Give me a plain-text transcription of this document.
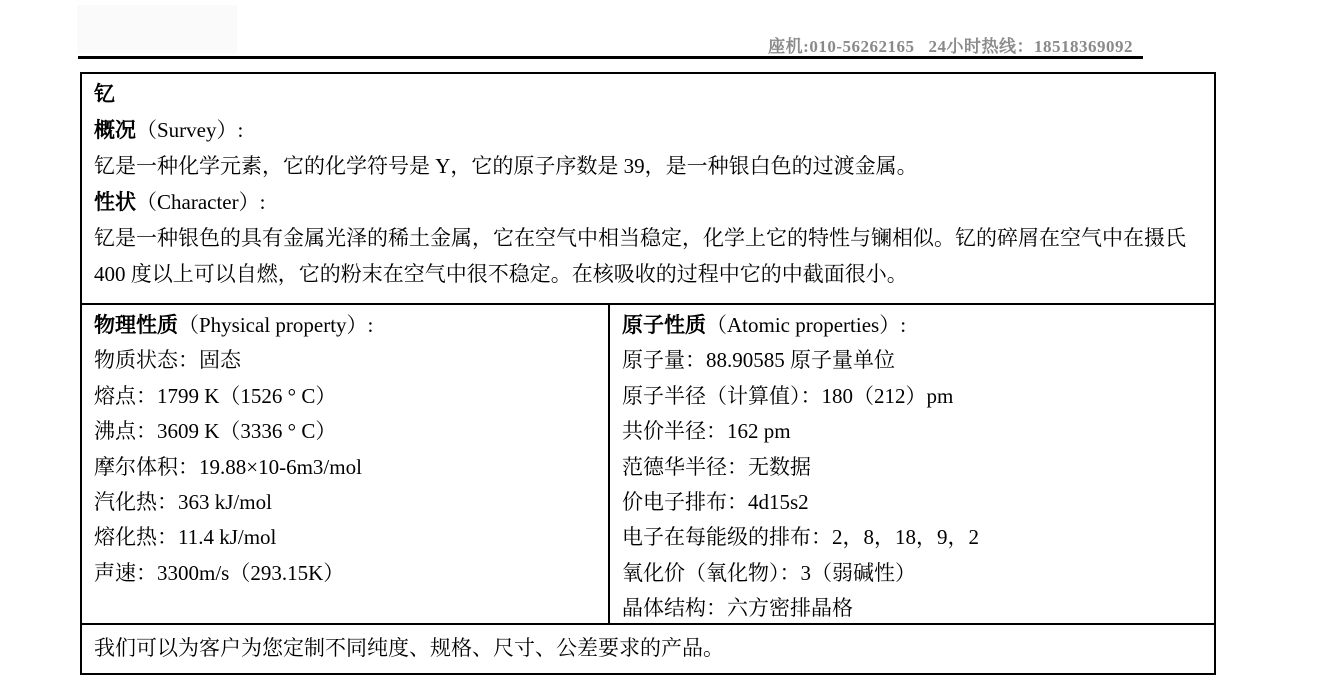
座机:010-56262165 24小时热线：18518369092
钇
概况（Survey）:
钇是一种化学元素，它的化学符号是 Y，它的原子序数是 39，是一种银白色的过渡金属。
性状（Character）:
钇是一种银色的具有金属光泽的稀土金属，它在空气中相当稳定，化学上它的特性与镧相似。钇的碎屑在空气中在摄氏 400 度以上可以自燃，它的粉末在空气中很不稳定。在核吸收的过程中它的中截面很小。
物理性质（Physical property）:
物质状态：固态
熔点：1799 K（1526 ° C）
沸点：3609 K（3336 ° C）
摩尔体积：19.88×10-6m3/mol
汽化热：363 kJ/mol
熔化热：11.4 kJ/mol
声速：3300m/s（293.15K）
原子性质（Atomic properties）:
原子量：88.90585 原子量单位
原子半径（计算值）：180（212）pm
共价半径：162 pm
范德华半径：无数据
价电子排布：4d15s2
电子在每能级的排布：2，8，18，9，2
氧化价（氧化物）：3（弱碱性）
晶体结构：六方密排晶格
我们可以为客户为您定制不同纯度、规格、尺寸、公差要求的产品。
